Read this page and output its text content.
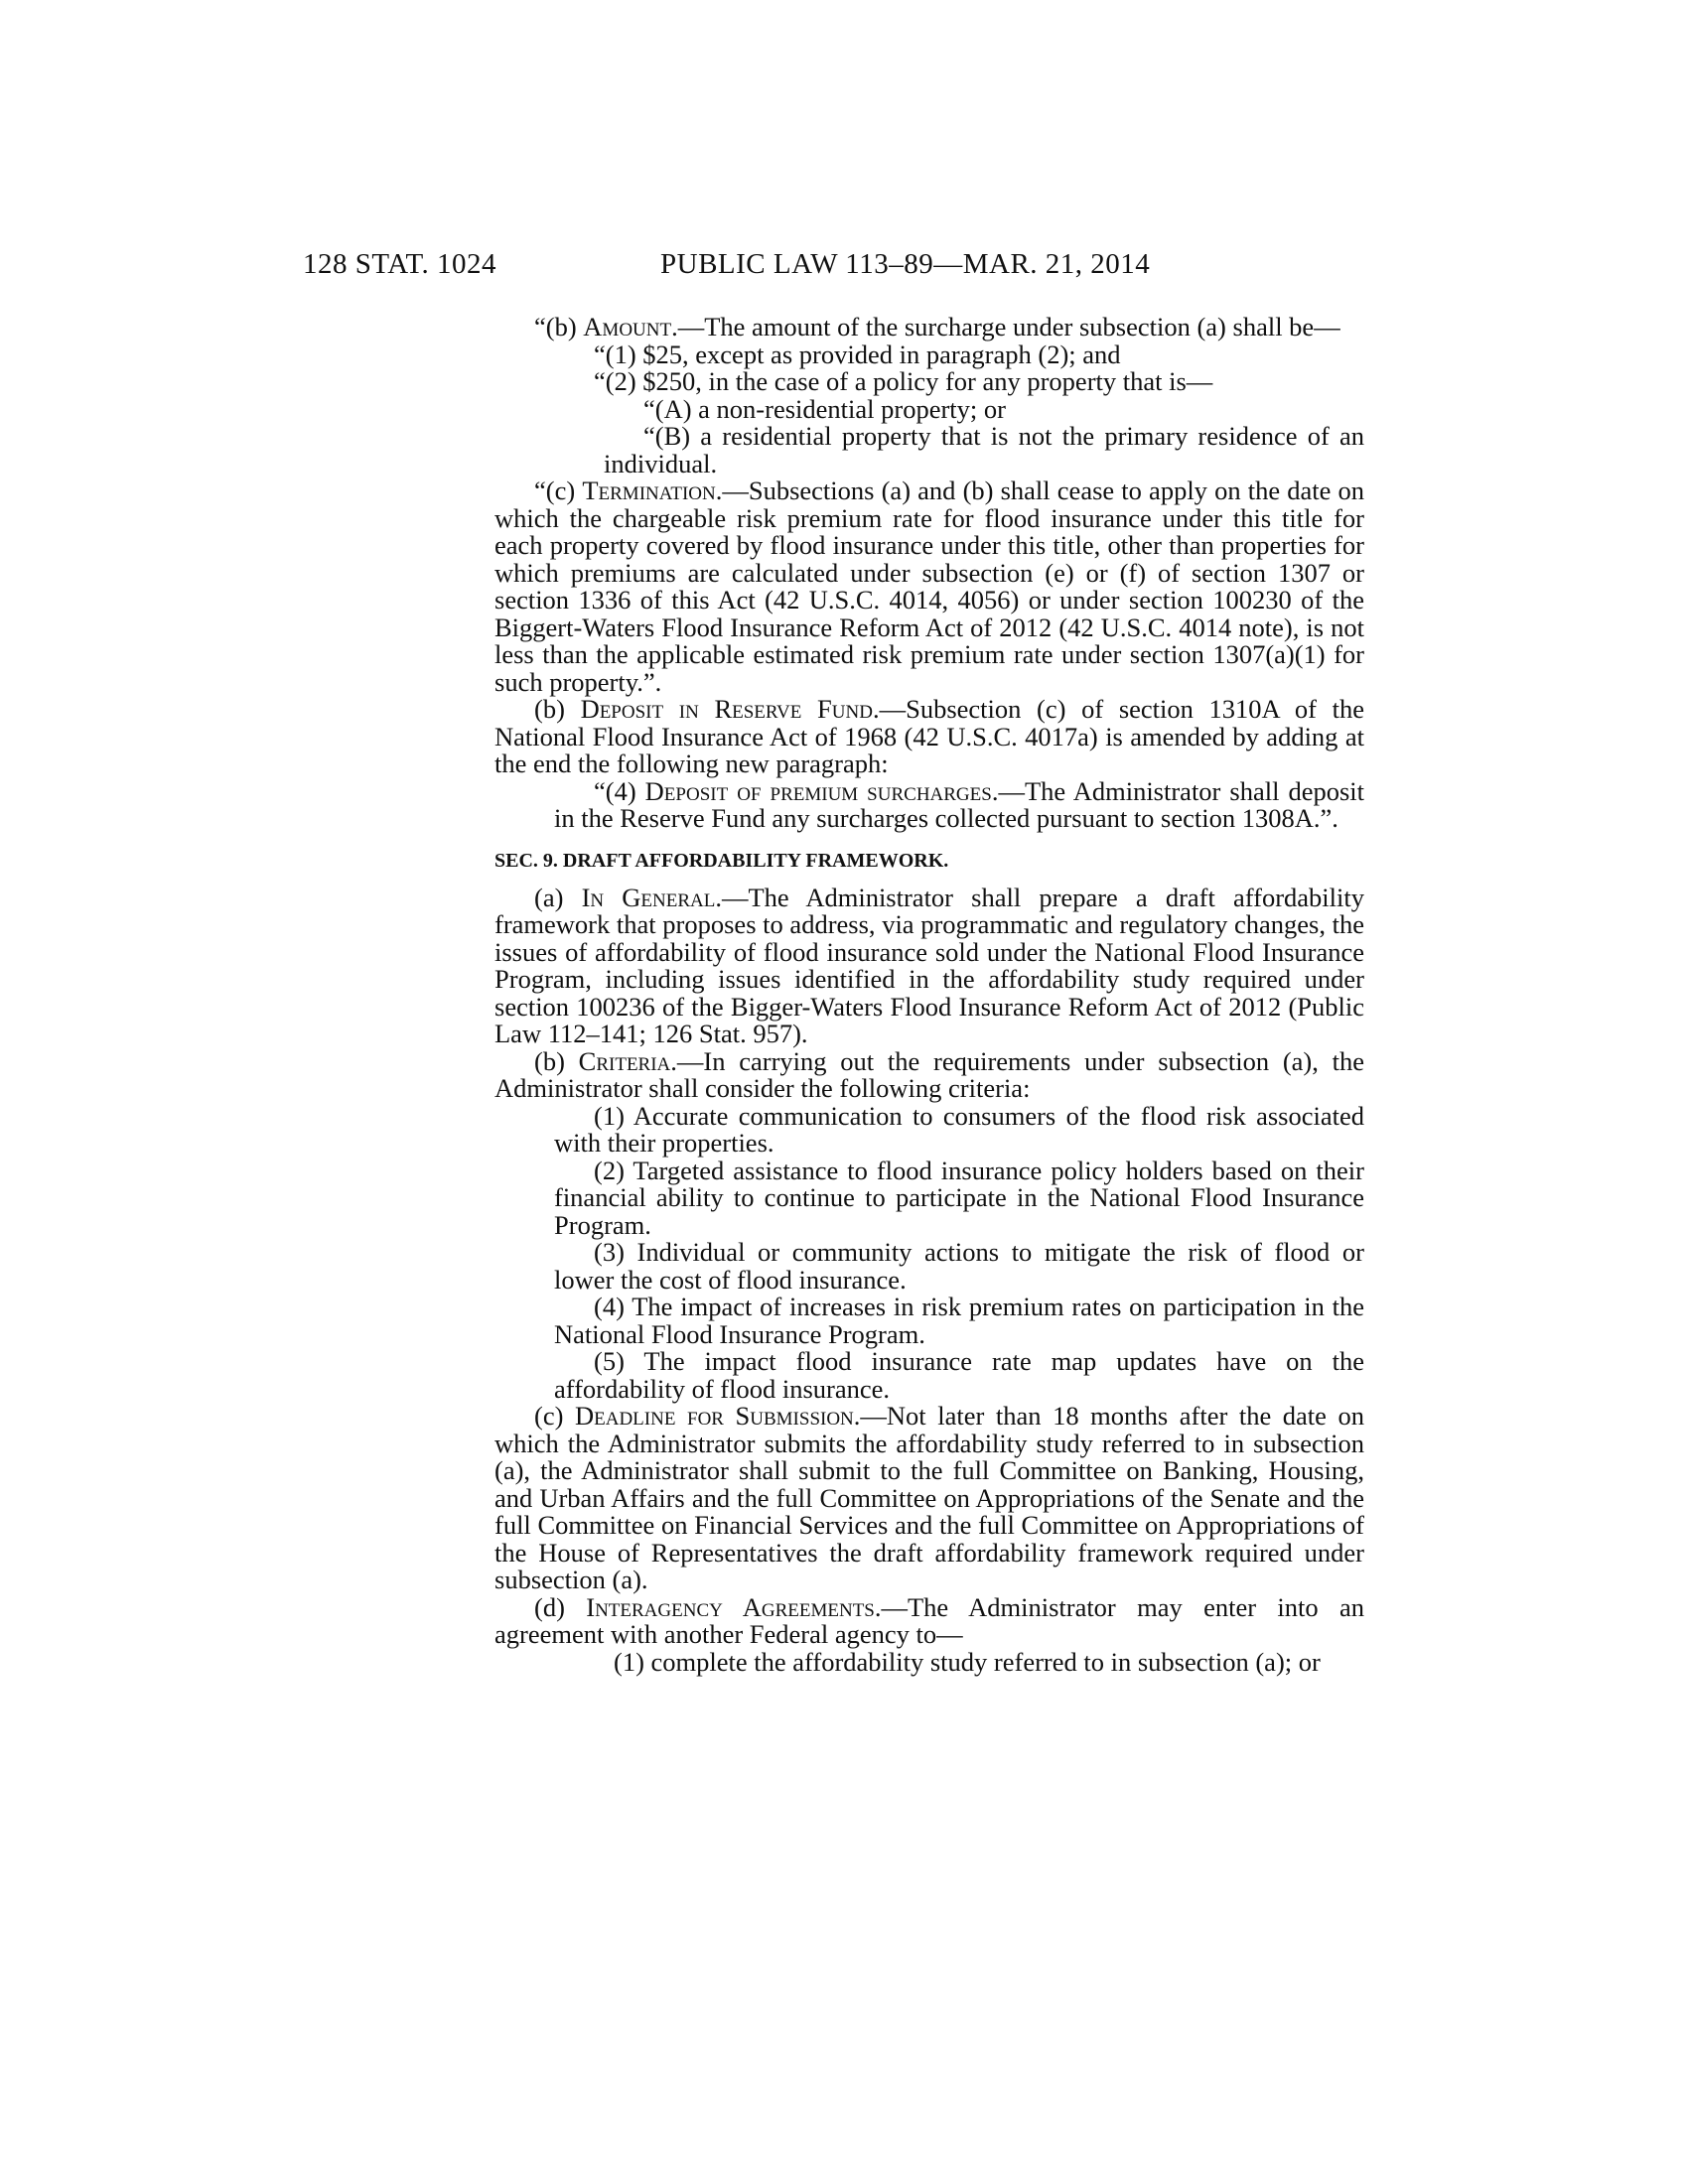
128 STAT. 1024	PUBLIC LAW 113–89—MAR. 21, 2014

“(b) Amount.—The amount of the surcharge under subsection (a) shall be—

“(1) $25, except as provided in paragraph (2); and

“(2) $250, in the case of a policy for any property that is—

“(A) a non-residential property; or

“(B) a residential property that is not the primary residence of an individual.

“(c) Termination.—Subsections (a) and (b) shall cease to apply on the date on which the chargeable risk premium rate for flood insurance under this title for each property covered by flood insurance under this title, other than properties for which premiums are calculated under subsection (e) or (f) of section 1307 or section 1336 of this Act (42 U.S.C. 4014, 4056) or under section 100230 of the Biggert-Waters Flood Insurance Reform Act of 2012 (42 U.S.C. 4014 note), is not less than the applicable estimated risk premium rate under section 1307(a)(1) for such property.”.

(b) Deposit in Reserve Fund.—Subsection (c) of section 1310A of the National Flood Insurance Act of 1968 (42 U.S.C. 4017a) is amended by adding at the end the following new paragraph:

“(4) Deposit of premium surcharges.—The Administrator shall deposit in the Reserve Fund any surcharges collected pursuant to section 1308A.”.

SEC. 9. DRAFT AFFORDABILITY FRAMEWORK.

(a) In General.—The Administrator shall prepare a draft affordability framework that proposes to address, via programmatic and regulatory changes, the issues of affordability of flood insurance sold under the National Flood Insurance Program, including issues identified in the affordability study required under section 100236 of the Bigger-Waters Flood Insurance Reform Act of 2012 (Public Law 112–141; 126 Stat. 957).

(b) Criteria.—In carrying out the requirements under subsection (a), the Administrator shall consider the following criteria:

(1) Accurate communication to consumers of the flood risk associated with their properties.

(2) Targeted assistance to flood insurance policy holders based on their financial ability to continue to participate in the National Flood Insurance Program.

(3) Individual or community actions to mitigate the risk of flood or lower the cost of flood insurance.

(4) The impact of increases in risk premium rates on participation in the National Flood Insurance Program.

(5) The impact flood insurance rate map updates have on the affordability of flood insurance.

(c) Deadline for Submission.—Not later than 18 months after the date on which the Administrator submits the affordability study referred to in subsection (a), the Administrator shall submit to the full Committee on Banking, Housing, and Urban Affairs and the full Committee on Appropriations of the Senate and the full Committee on Financial Services and the full Committee on Appropriations of the House of Representatives the draft affordability framework required under subsection (a).

(d) Interagency Agreements.—The Administrator may enter into an agreement with another Federal agency to—

(1) complete the affordability study referred to in subsection (a); or
